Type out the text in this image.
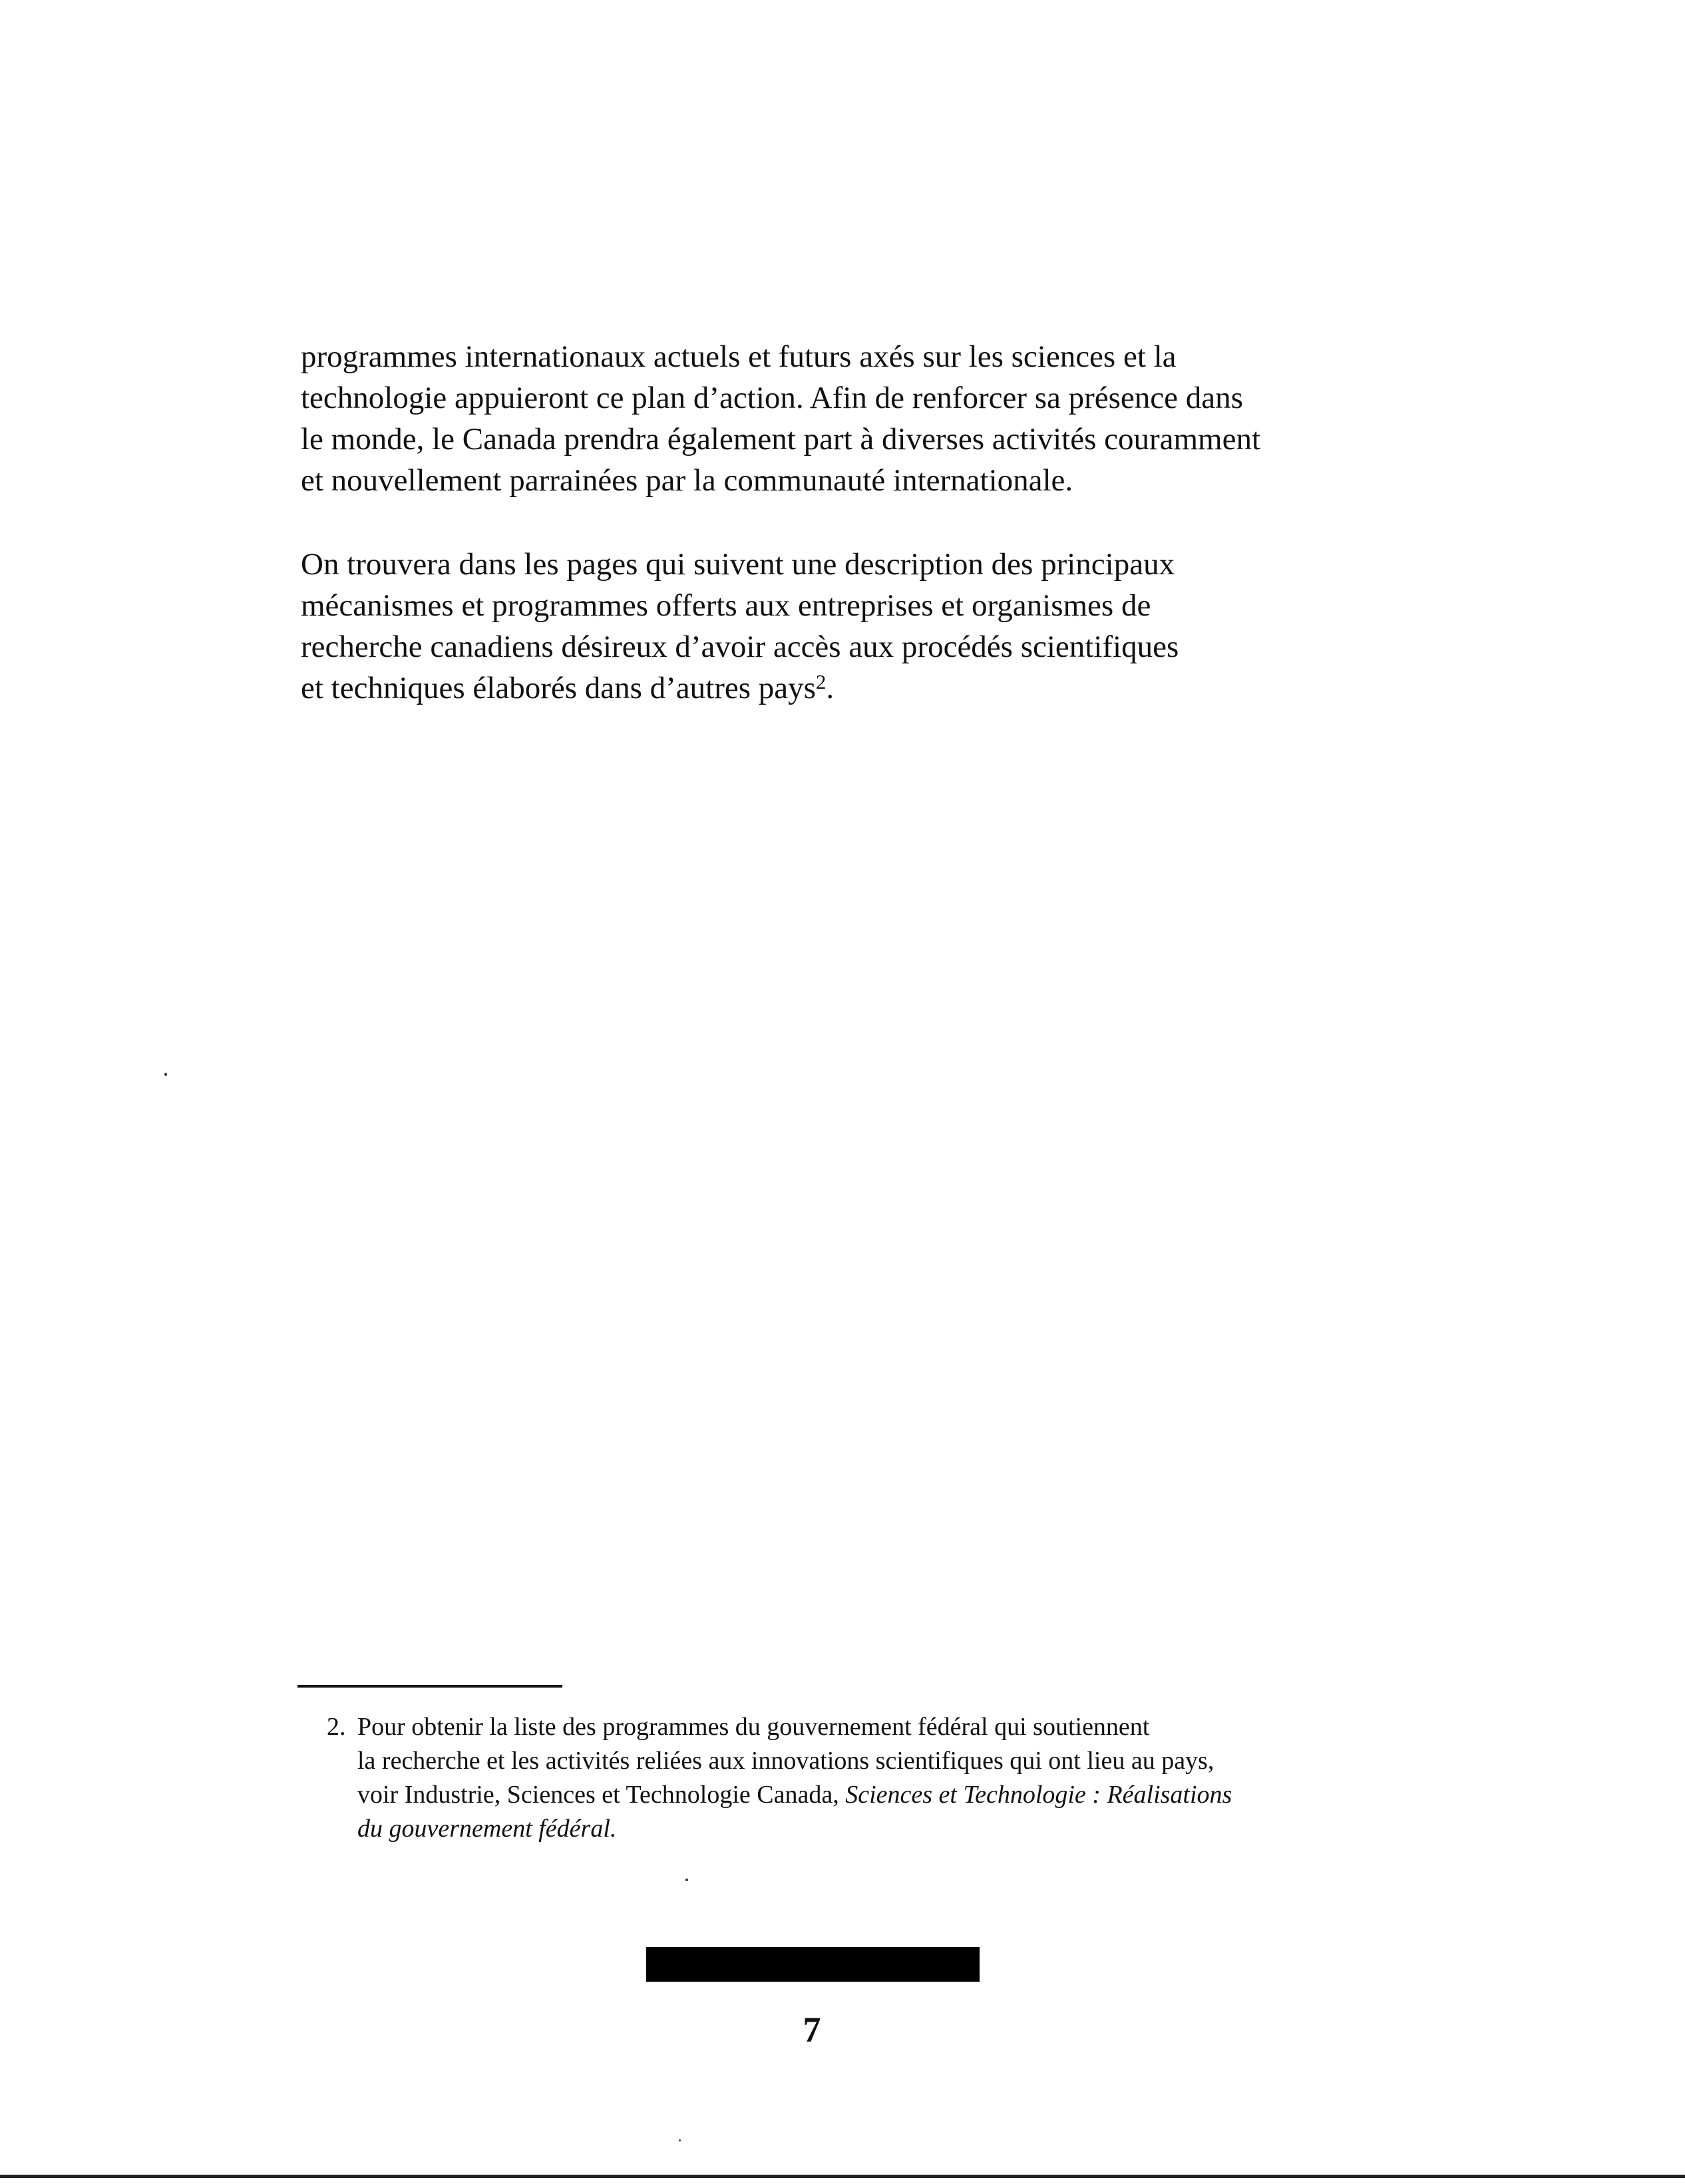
programmes internationaux actuels et futurs axés sur les sciences et la
technologie appuieront ce plan d’action. Afin de renforcer sa présence dans
le monde, le Canada prendra également part à diverses activités couramment
et nouvellement parrainées par la communauté internationale.
On trouvera dans les pages qui suivent une description des principaux
mécanismes et programmes offerts aux entreprises et organismes de
recherche canadiens désireux d’avoir accès aux procédés scientifiques
et techniques élaborés dans d’autres pays$^2$.
2. Pour obtenir la liste des programmes du gouvernement fédéral qui soutiennent
la recherche et les activités reliées aux innovations scientifiques qui ont lieu au pays,
voir Industrie, Sciences et Technologie Canada, Sciences et Technologie : Réalisations
du gouvernement fédéral.
7
